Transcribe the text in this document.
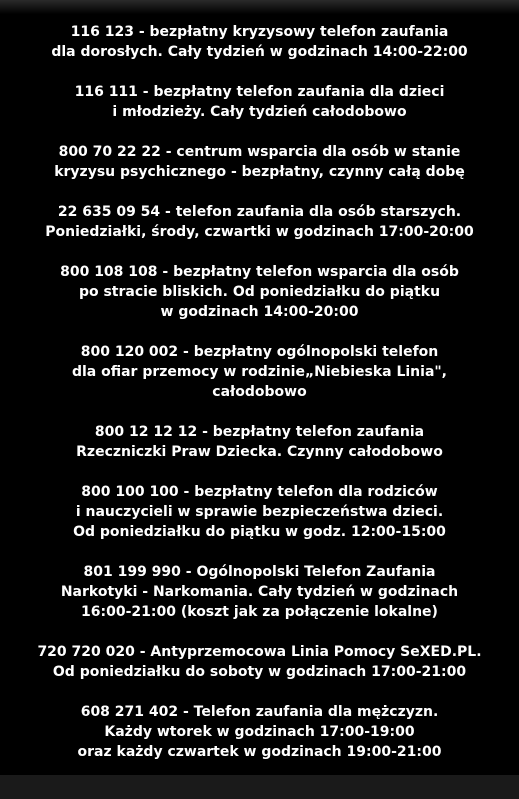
116 123 - bezpłatny kryzysowy telefon zaufania
dla dorosłych. Cały tydzień w godzinach 14:00-22:00
116 111 - bezpłatny telefon zaufania dla dzieci
i młodzieży. Cały tydzień całodobowo
800 70 22 22 - centrum wsparcia dla osób w stanie
kryzysu psychicznego - bezpłatny, czynny całą dobę
22 635 09 54 - telefon zaufania dla osób starszych.
Poniedziałki, środy, czwartki w godzinach 17:00-20:00
800 108 108 - bezpłatny telefon wsparcia dla osób
po stracie bliskich. Od poniedziałku do piątku
w godzinach 14:00-20:00
800 120 002 - bezpłatny ogólnopolski telefon
dla ofiar przemocy w rodzinie„Niebieska Linia",
całodobowo
800 12 12 12 - bezpłatny telefon zaufania
Rzeczniczki Praw Dziecka. Czynny całodobowo
800 100 100 - bezpłatny telefon dla rodziców
i nauczycieli w sprawie bezpieczeństwa dzieci.
Od poniedziałku do piątku w godz. 12:00-15:00
801 199 990 - Ogólnopolski Telefon Zaufania
Narkotyki - Narkomania. Cały tydzień w godzinach
16:00-21:00 (koszt jak za połączenie lokalne)
720 720 020 - Antyprzemocowa Linia Pomocy SeXED.PL.
Od poniedziałku do soboty w godzinach 17:00-21:00
608 271 402 - Telefon zaufania dla mężczyzn.
Każdy wtorek w godzinach 17:00-19:00
oraz każdy czwartek w godzinach 19:00-21:00
